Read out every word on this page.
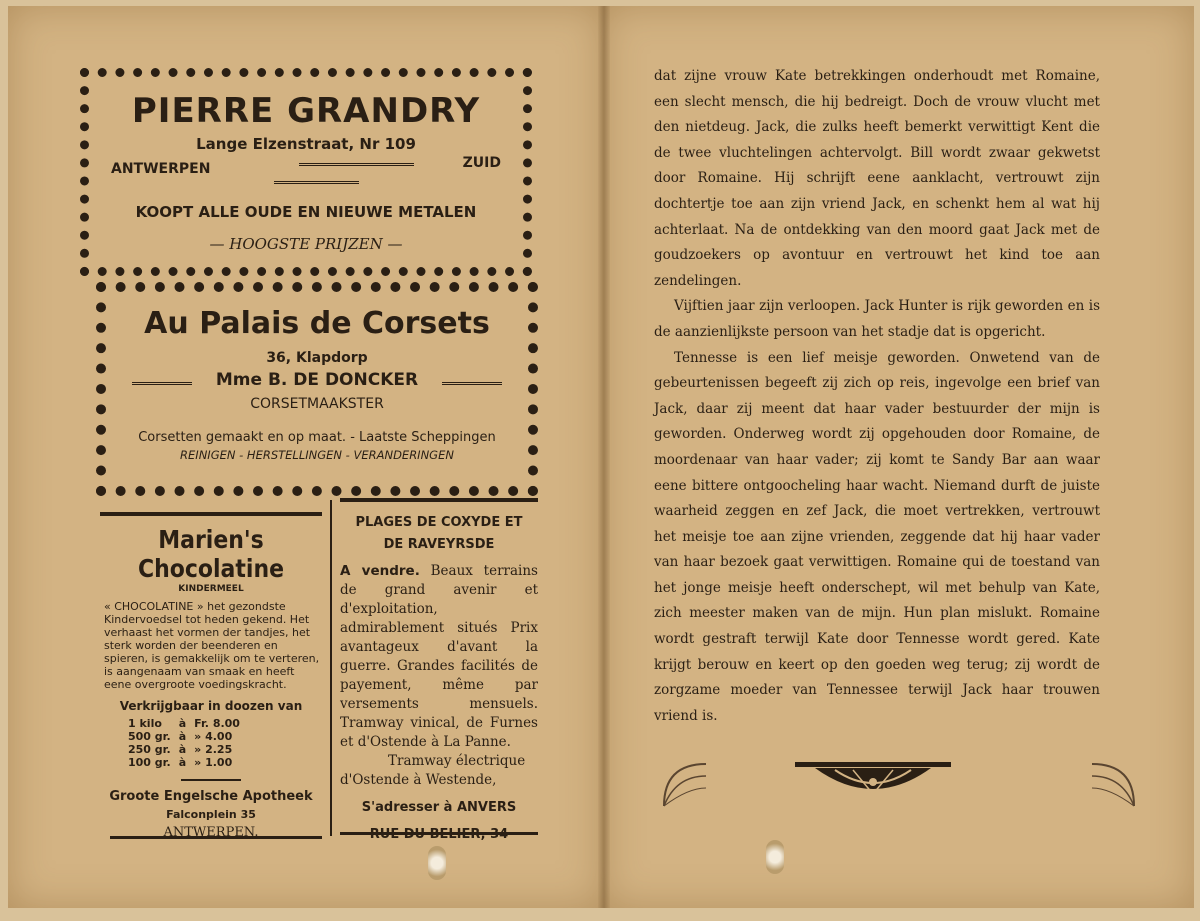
PIERRE GRANDRY
Lange Elzenstraat, Nr 109
ANTWERPEN	ZUID
KOOPT ALLE OUDE EN NIEUWE METALEN
— HOOGSTE PRIJZEN —
Au Palais de Corsets
36, Klapdorp
Mme B. DE DONCKER
CORSETMAAKSTER
Corsetten gemaakt en op maat. - Laatste Scheppingen
REINIGEN - HERSTELLINGEN - VERANDERINGEN
Marien's Chocolatine
KINDERMEEL
« CHOCOLATINE » het gezondste Kindervoedsel tot heden gekend. Het verhaast het vormen der tandjes, het sterk worden der beenderen en spieren, is gemakkelijk om te verteren, is aangenaam van smaak en heeft eene overgroote voedingskracht.
Verkrijgbaar in doozen van
1 kilo	à	Fr. 8.00
500 gr.	à	» 4.00
250 gr.	à	» 2.25
100 gr.	à	» 1.00
Groote Engelsche Apotheek
Falconplein 35
ANTWERPEN.
PLAGES DE COXYDE ET
DE RAVEYRSDE
A vendre. Beaux terrains de grand avenir et d'exploitation, admirablement situés Prix avantageux d'avant la guerre. Grandes facilités de payement, même par versements mensuels. Tramway vinical, de Furnes et d'Ostende à La Panne.
Tramway électrique d'Ostende à Westende,
S'adresser à ANVERS
RUE DU BELIER, 34

dat zijne vrouw Kate betrekkingen onderhoudt met Romaine, een slecht mensch, die hij bedreigt. Doch de vrouw vlucht met den nietdeug. Jack, die zulks heeft bemerkt verwittigt Kent die de twee vluchtelingen achtervolgt. Bill wordt zwaar gekwetst door Romaine. Hij schrijft eene aanklacht, vertrouwt zijn dochtertje toe aan zijn vriend Jack, en schenkt hem al wat hij achterlaat. Na de ontdekking van den moord gaat Jack met de goudzoekers op avontuur en vertrouwt het kind toe aan zendelingen.

Vijftien jaar zijn verloopen. Jack Hunter is rijk geworden en is de aanzienlijkste persoon van het stadje dat is opgericht.

Tennesse is een lief meisje geworden. Onwetend van de gebeurtenissen begeeft zij zich op reis, ingevolge een brief van Jack, daar zij meent dat haar vader bestuurder der mijn is geworden. Onderweg wordt zij opgehouden door Romaine, de moordenaar van haar vader; zij komt te Sandy Bar aan waar eene bittere ontgoocheling haar wacht. Niemand durft de juiste waarheid zeggen en zef Jack, die moet vertrekken, vertrouwt het meisje toe aan zijne vrienden, zeggende dat hij haar vader van haar bezoek gaat verwittigen. Romaine qui de toestand van het jonge meisje heeft onderschept, wil met behulp van Kate, zich meester maken van de mijn. Hun plan mislukt. Romaine wordt gestraft terwijl Kate door Tennesse wordt gered. Kate krijgt berouw en keert op den goeden weg terug; zij wordt de zorgzame moeder van Tennessee terwijl Jack haar trouwen vriend is.
